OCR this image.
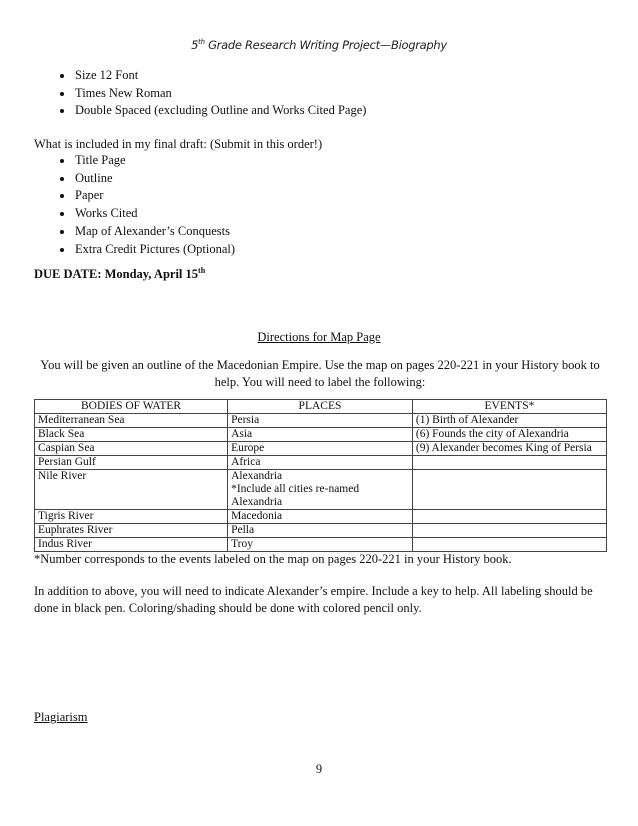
5th Grade Research Writing Project—Biography
Size 12 Font
Times New Roman
Double Spaced (excluding Outline and Works Cited Page)
What is included in my final draft: (Submit in this order!)
Title Page
Outline
Paper
Works Cited
Map of Alexander’s Conquests
Extra Credit Pictures (Optional)
DUE DATE: Monday, April 15th
Directions for Map Page
You will be given an outline of the Macedonian Empire. Use the map on pages 220-221 in your History book to help. You will need to label the following:
BODIES OF WATER	PLACES	EVENTS*
Mediterranean Sea	Persia	(1) Birth of Alexander
Black Sea	Asia	(6) Founds the city of Alexandria
Caspian Sea	Europe	(9) Alexander becomes King of Persia
Persian Gulf	Africa	
Nile River	Alexandria
*Include all cities re-named Alexandria	
Tigris River	Macedonia	
Euphrates River	Pella	
Indus River	Troy	
*Number corresponds to the events labeled on the map on pages 220-221 in your History book.
In addition to above, you will need to indicate Alexander’s empire. Include a key to help. All labeling should be done in black pen. Coloring/shading should be done with colored pencil only.
Plagiarism
9
